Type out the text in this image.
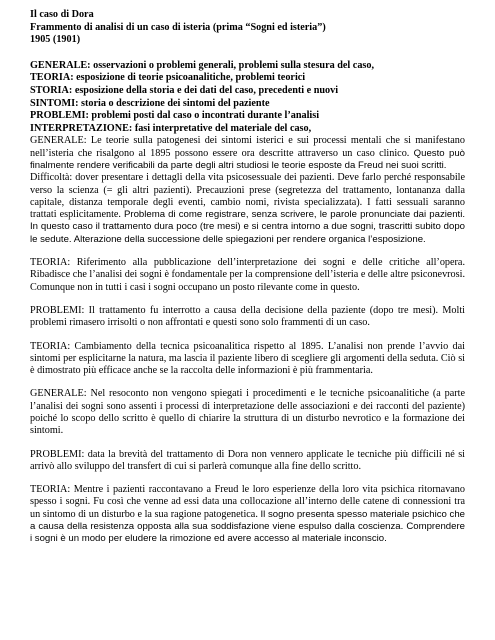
Il caso di Dora

Frammento di analisi di un caso di isteria (prima “Sogni ed isteria”)

1905 (1901)

GENERALE: osservazioni o problemi generali, problemi sulla stesura del caso,

TEORIA: esposizione di teorie psicoanalitiche, problemi teorici

STORIA: esposizione della storia e dei dati del caso, precedenti e nuovi

SINTOMI: storia o descrizione dei sintomi del paziente

PROBLEMI: problemi posti dal caso o incontrati durante l’analisi

INTERPRETAZIONE: fasi interpretative del materiale del caso,

GENERALE: Le teorie sulla patogenesi dei sintomi isterici e sui processi mentali che si manifestano nell’isteria che risalgono al 1895 possono essere ora descritte attraverso un caso clinico. Questo può finalmente rendere verificabili da parte degli altri studiosi le teorie esposte da Freud nei suoi scritti.
Difficoltà: dover presentare i dettagli della vita psicosessuale dei pazienti. Deve farlo perché responsabile verso la scienza (= gli altri pazienti). Precauzioni prese (segretezza del trattamento, lontananza dalla capitale, distanza temporale degli eventi, cambio nomi, rivista specializzata). I fatti sessuali saranno trattati esplicitamente. Problema di come registrare, senza scrivere, le parole pronunciate dai pazienti. In questo caso il trattamento dura poco (tre mesi) e si centra intorno a due sogni, trascritti subito dopo le sedute. Alterazione della successione delle spiegazioni per rendere organica l’esposizione.

TEORIA: Riferimento alla pubblicazione dell’interpretazione dei sogni e delle critiche all’opera. Ribadisce che l’analisi dei sogni è fondamentale per la comprensione dell’isteria e delle altre psiconevrosi. Comunque non in tutti i casi i sogni occupano un posto rilevante come in questo.

PROBLEMI: Il trattamento fu interrotto a causa della decisione della paziente (dopo tre mesi). Molti problemi rimasero irrisolti o non affrontati e questi sono solo frammenti di un caso.

TEORIA: Cambiamento della tecnica psicoanalitica rispetto al 1895. L’analisi non prende l’avvio dai sintomi per esplicitarne la natura, ma lascia il paziente libero di scegliere gli argomenti della seduta. Ciò si è dimostrato più efficace anche se la raccolta delle informazioni è più frammentaria.

GENERALE: Nel resoconto non vengono spiegati i procedimenti e le tecniche psicoanalitiche (a parte l’analisi dei sogni sono assenti i processi di interpretazione delle associazioni e dei racconti del paziente) poiché lo scopo dello scritto è quello di chiarire la struttura di un disturbo nevrotico e la formazione dei sintomi.

PROBLEMI: data la brevità del trattamento di Dora non vennero applicate le tecniche più difficili né si arrivò allo sviluppo del transfert di cui si parlerà comunque alla fine dello scritto.

TEORIA: Mentre i pazienti raccontavano a Freud le loro esperienze della loro vita psichica ritornavano spesso i sogni. Fu così che venne ad essi data una collocazione all’interno delle catene di connessioni tra un sintomo di un disturbo e la sua ragione patogenetica. Il sogno presenta spesso materiale psichico che a causa della resistenza opposta alla sua soddisfazione viene espulso dalla coscienza. Comprendere i sogni è un modo per eludere la rimozione ed avere accesso al materiale inconscio.
